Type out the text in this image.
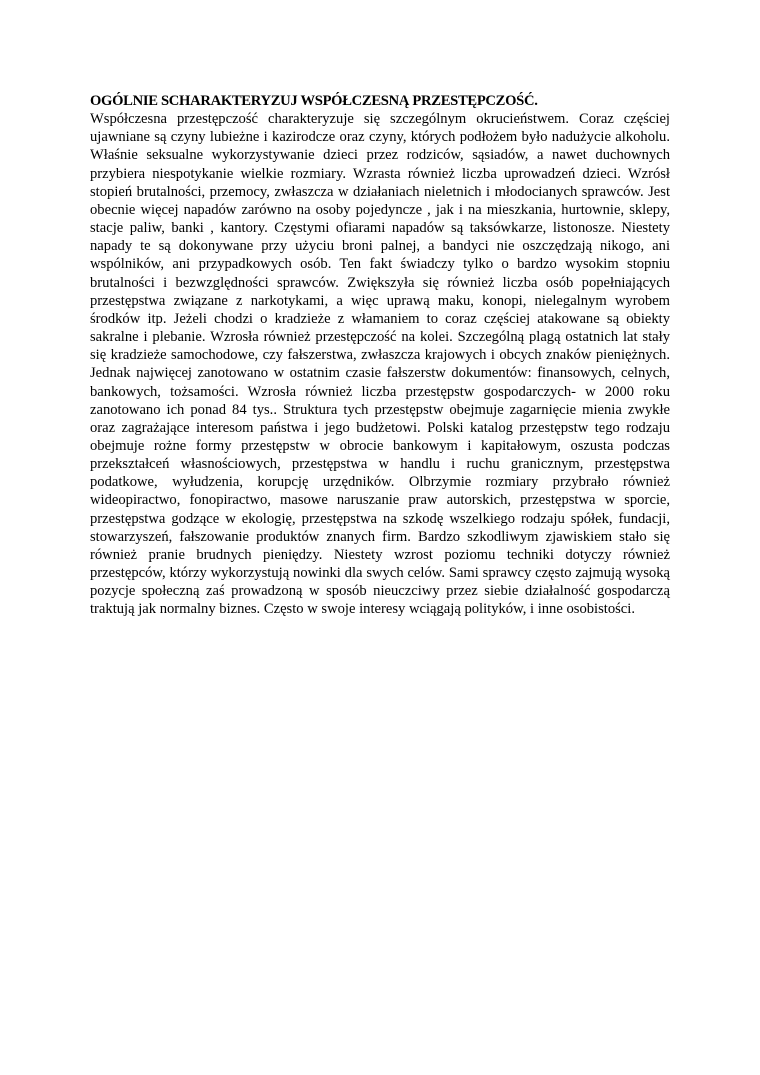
OGÓLNIE SCHARAKTERYZUJ WSPÓŁCZESNĄ PRZESTĘPCZOŚĆ.

Współczesna przestępczość charakteryzuje się szczególnym okrucieństwem. Coraz częściej ujawniane są czyny lubieżne i kazirodcze oraz czyny, których podłożem było nadużycie alkoholu. Właśnie seksualne wykorzystywanie dzieci przez rodziców, sąsiadów, a nawet duchownych przybiera niespotykanie wielkie rozmiary. Wzrasta również liczba uprowadzeń dzieci. Wzrósł stopień brutalności, przemocy, zwłaszcza w działaniach nieletnich i młodocianych sprawców. Jest obecnie więcej napadów zarówno na osoby pojedyncze , jak i na mieszkania, hurtownie, sklepy, stacje paliw, banki , kantory. Częstymi ofiarami napadów są taksówkarze, listonosze. Niestety napady te są dokonywane przy użyciu broni palnej, a bandyci nie oszczędzają nikogo, ani wspólników, ani przypadkowych osób. Ten fakt świadczy tylko o bardzo wysokim stopniu brutalności i bezwzględności sprawców. Zwiększyła się również liczba osób popełniających przestępstwa związane z narkotykami, a więc uprawą maku, konopi, nielegalnym wyrobem środków itp. Jeżeli chodzi o kradzieże z włamaniem to coraz częściej atakowane są obiekty sakralne i plebanie. Wzrosła również przestępczość na kolei. Szczególną plagą ostatnich lat stały się kradzieże samochodowe, czy fałszerstwa, zwłaszcza krajowych i obcych znaków pieniężnych. Jednak najwięcej zanotowano w ostatnim czasie fałszerstw dokumentów: finansowych, celnych, bankowych, tożsamości. Wzrosła również liczba przestępstw gospodarczych- w 2000 roku zanotowano ich ponad 84 tys.. Struktura tych przestępstw obejmuje zagarnięcie mienia zwykłe oraz zagrażające interesom państwa i jego budżetowi. Polski katalog przestępstw tego rodzaju obejmuje rożne formy przestępstw w obrocie bankowym i kapitałowym, oszusta podczas przekształceń własnościowych, przestępstwa w handlu i ruchu granicznym, przestępstwa podatkowe, wyłudzenia, korupcję urzędników. Olbrzymie rozmiary przybrało również wideopiractwo, fonopiractwo, masowe naruszanie praw autorskich, przestępstwa w sporcie, przestępstwa godzące w ekologię, przestępstwa na szkodę wszelkiego rodzaju spółek, fundacji, stowarzyszeń, fałszowanie produktów znanych firm. Bardzo szkodliwym zjawiskiem stało się również pranie brudnych pieniędzy. Niestety wzrost poziomu techniki dotyczy również przestępców, którzy wykorzystują nowinki dla swych celów. Sami sprawcy często zajmują wysoką pozycje społeczną zaś prowadzoną w sposób nieuczciwy przez siebie działalność gospodarczą traktują jak normalny biznes. Często w swoje interesy wciągają polityków, i inne osobistości.
